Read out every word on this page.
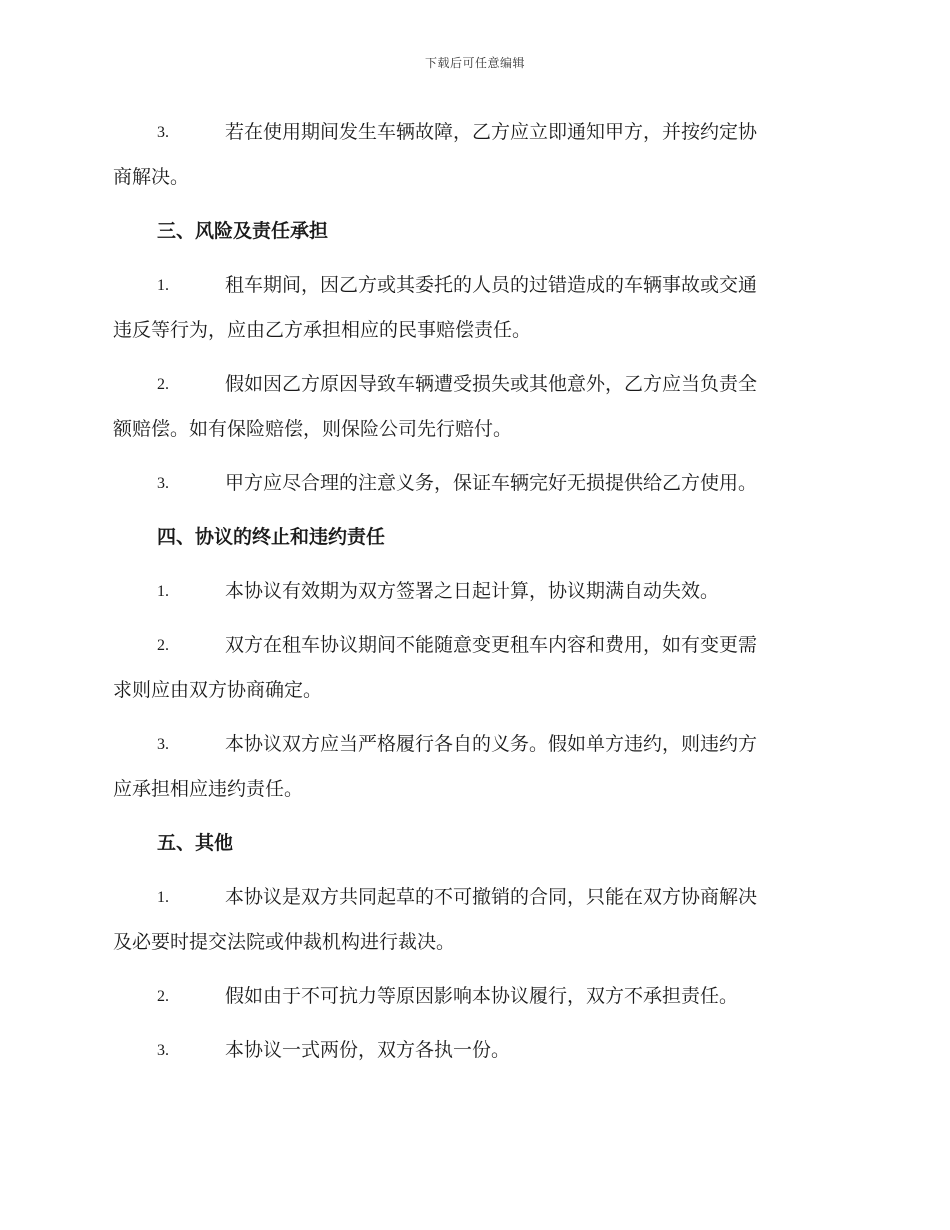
下载后可任意编辑
3.	若在使用期间发生车辆故障，乙方应立即通知甲方，并按约定协
商解决。
三、风险及责任承担
1.	租车期间，因乙方或其委托的人员的过错造成的车辆事故或交通
违反等行为，应由乙方承担相应的民事赔偿责任。
2.	假如因乙方原因导致车辆遭受损失或其他意外，乙方应当负责全
额赔偿。如有保险赔偿，则保险公司先行赔付。
3.	甲方应尽合理的注意义务，保证车辆完好无损提供给乙方使用。
四、协议的终止和违约责任
1.	本协议有效期为双方签署之日起计算，协议期满自动失效。
2.	双方在租车协议期间不能随意变更租车内容和费用，如有变更需
求则应由双方协商确定。
3.	本协议双方应当严格履行各自的义务。假如单方违约，则违约方
应承担相应违约责任。
五、其他
1.	本协议是双方共同起草的不可撤销的合同，只能在双方协商解决
及必要时提交法院或仲裁机构进行裁决。
2.	假如由于不可抗力等原因影响本协议履行，双方不承担责任。
3.	本协议一式两份，双方各执一份。
